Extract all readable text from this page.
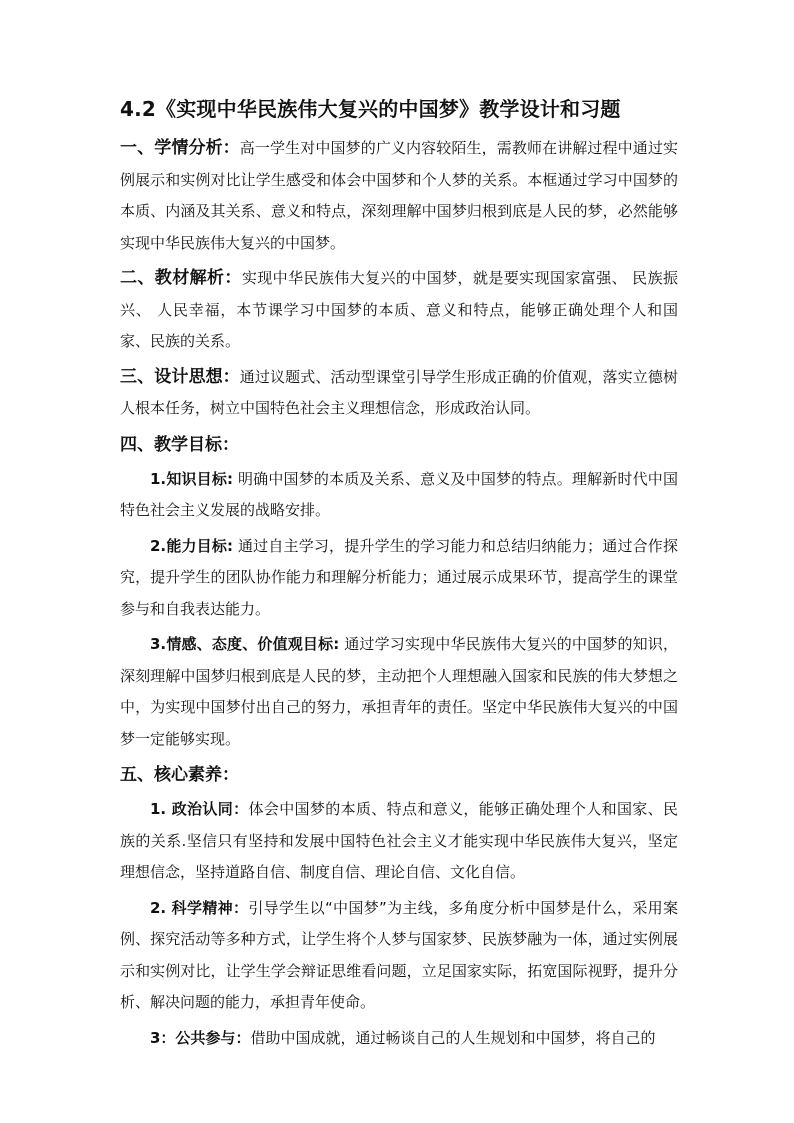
4.2《实现中华民族伟大复兴的中国梦》教学设计和习题

一、学情分析：高一学生对中国梦的广义内容较陌生，需教师在讲解过程中通过实例展示和实例对比让学生感受和体会中国梦和个人梦的关系。本框通过学习中国梦的本质、内涵及其关系、意义和特点，深刻理解中国梦归根到底是人民的梦，必然能够实现中华民族伟大复兴的中国梦。

二、教材解析：实现中华民族伟大复兴的中国梦，就是要实现国家富强、 民族振兴、 人民幸福，本节课学习中国梦的本质、意义和特点，能够正确处理个人和国家、民族的关系。

三、设计思想：通过议题式、活动型课堂引导学生形成正确的价值观，落实立德树人根本任务，树立中国特色社会主义理想信念，形成政治认同。

四、教学目标：

1.知识目标: 明确中国梦的本质及关系、意义及中国梦的特点。理解新时代中国特色社会主义发展的战略安排。

2.能力目标: 通过自主学习，提升学生的学习能力和总结归纳能力；通过合作探究，提升学生的团队协作能力和理解分析能力；通过展示成果环节，提高学生的课堂参与和自我表达能力。

3.情感、态度、价值观目标: 通过学习实现中华民族伟大复兴的中国梦的知识，深刻理解中国梦归根到底是人民的梦，主动把个人理想融入国家和民族的伟大梦想之中，为实现中国梦付出自己的努力，承担青年的责任。坚定中华民族伟大复兴的中国梦一定能够实现。

五、核心素养：

1. 政治认同：体会中国梦的本质、特点和意义，能够正确处理个人和国家、民族的关系.坚信只有坚持和发展中国特色社会主义才能实现中华民族伟大复兴，坚定理想信念，坚持道路自信、制度自信、理论自信、文化自信。

2. 科学精神：引导学生以“中国梦”为主线，多角度分析中国梦是什么，采用案例、探究活动等多种方式，让学生将个人梦与国家梦、民族梦融为一体，通过实例展示和实例对比，让学生学会辩证思维看问题，立足国家实际，拓宽国际视野，提升分析、解决问题的能力，承担青年使命。

3：公共参与：借助中国成就，通过畅谈自己的人生规划和中国梦，将自己的
